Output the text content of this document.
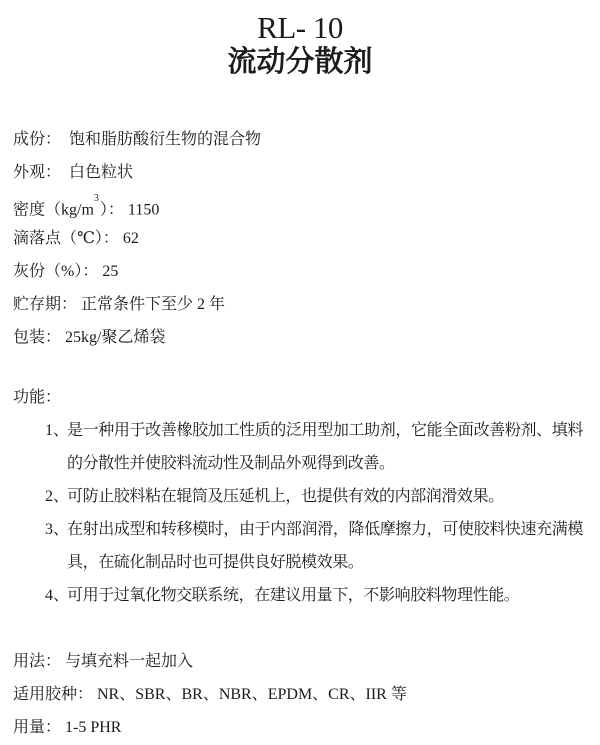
RL- 10
流动分散剂
成份：　饱和脂肪酸衍生物的混合物
外观：　白色粒状
密度$(kg/m^3)$： 1150
滴落点（℃）： 62
灰份（%）： 25
贮存期： 正常条件下至少 2 年
包装： 25kg/聚乙烯袋
功能：
1、
是一种用于改善橡胶加工性质的泛用型加工助剂，它能全面改善粉剂、填料的分散性并使胶料流动性及制品外观得到改善。
2、
可防止胶料粘在辊筒及压延机上，也提供有效的内部润滑效果。
3、
在射出成型和转移模时，由于内部润滑，降低摩擦力，可使胶料快速充满模具，在硫化制品时也可提供良好脱模效果。
4、
可用于过氧化物交联系统，在建议用量下，不影响胶料物理性能。
用法： 与填充料一起加入
适用胶种： NR、SBR、BR、NBR、EPDM、CR、IIR 等
用量： 1-5 PHR
